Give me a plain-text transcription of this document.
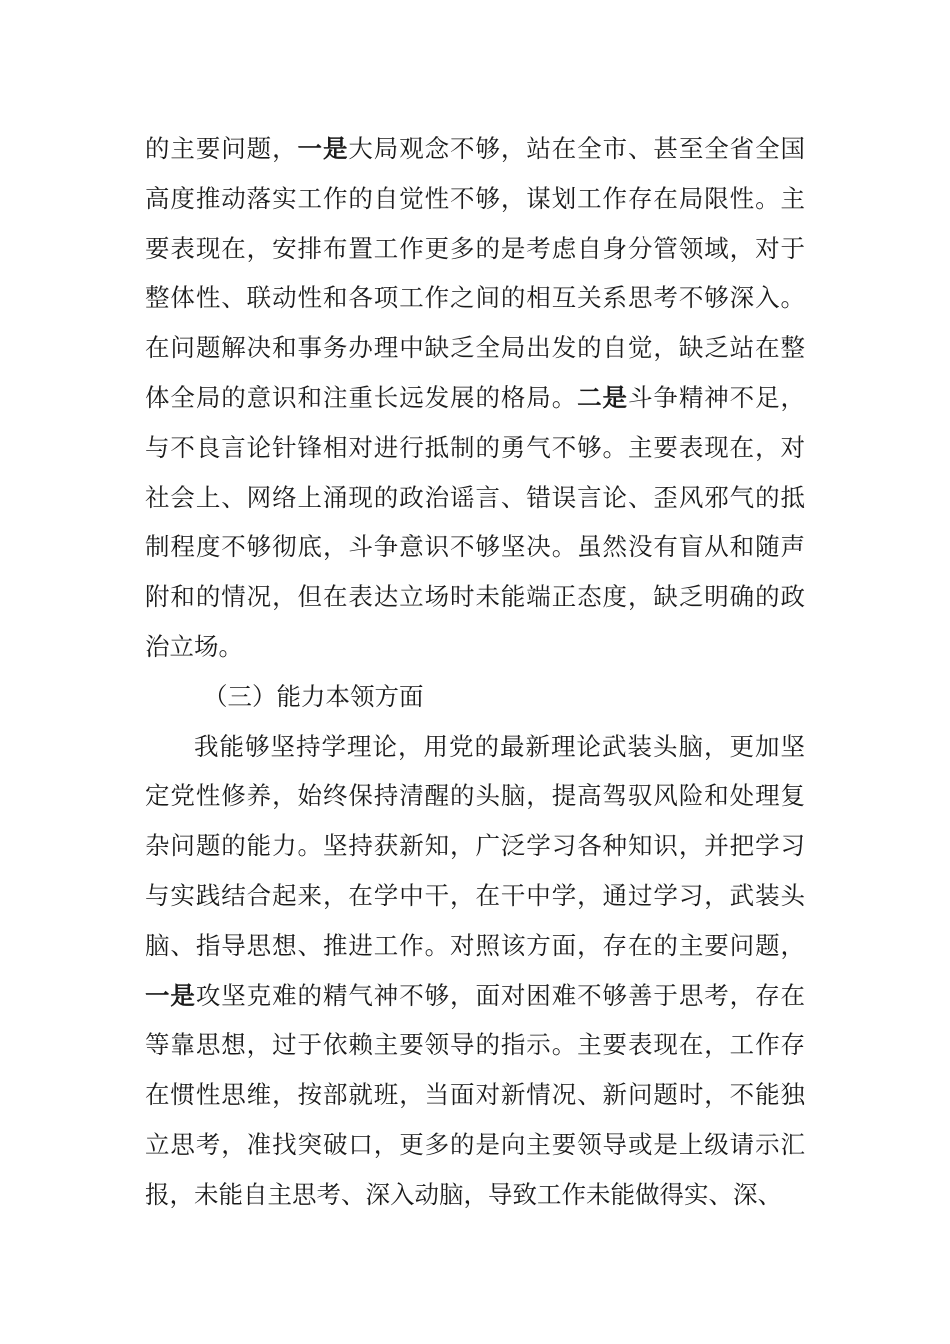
的主要问题，一是大局观念不够，站在全市、甚至全省全国高度推动落实工作的自觉性不够，谋划工作存在局限性。主要表现在，安排布置工作更多的是考虑自身分管领域，对于整体性、联动性和各项工作之间的相互关系思考不够深入。在问题解决和事务办理中缺乏全局出发的自觉，缺乏站在整体全局的意识和注重长远发展的格局。二是斗争精神不足，与不良言论针锋相对进行抵制的勇气不够。主要表现在，对社会上、网络上涌现的政治谣言、错误言论、歪风邪气的抵制程度不够彻底，斗争意识不够坚决。虽然没有盲从和随声附和的情况，但在表达立场时未能端正态度，缺乏明确的政治立场。

（三）能力本领方面

我能够坚持学理论，用党的最新理论武装头脑，更加坚定党性修养，始终保持清醒的头脑，提高驾驭风险和处理复杂问题的能力。坚持获新知，广泛学习各种知识，并把学习与实践结合起来，在学中干，在干中学，通过学习，武装头脑、指导思想、推进工作。对照该方面，存在的主要问题，一是攻坚克难的精气神不够，面对困难不够善于思考，存在等靠思想，过于依赖主要领导的指示。主要表现在，工作存在惯性思维，按部就班，当面对新情况、新问题时，不能独立思考，准找突破口，更多的是向主要领导或是上级请示汇报，未能自主思考、深入动脑，导致工作未能做得实、深、
